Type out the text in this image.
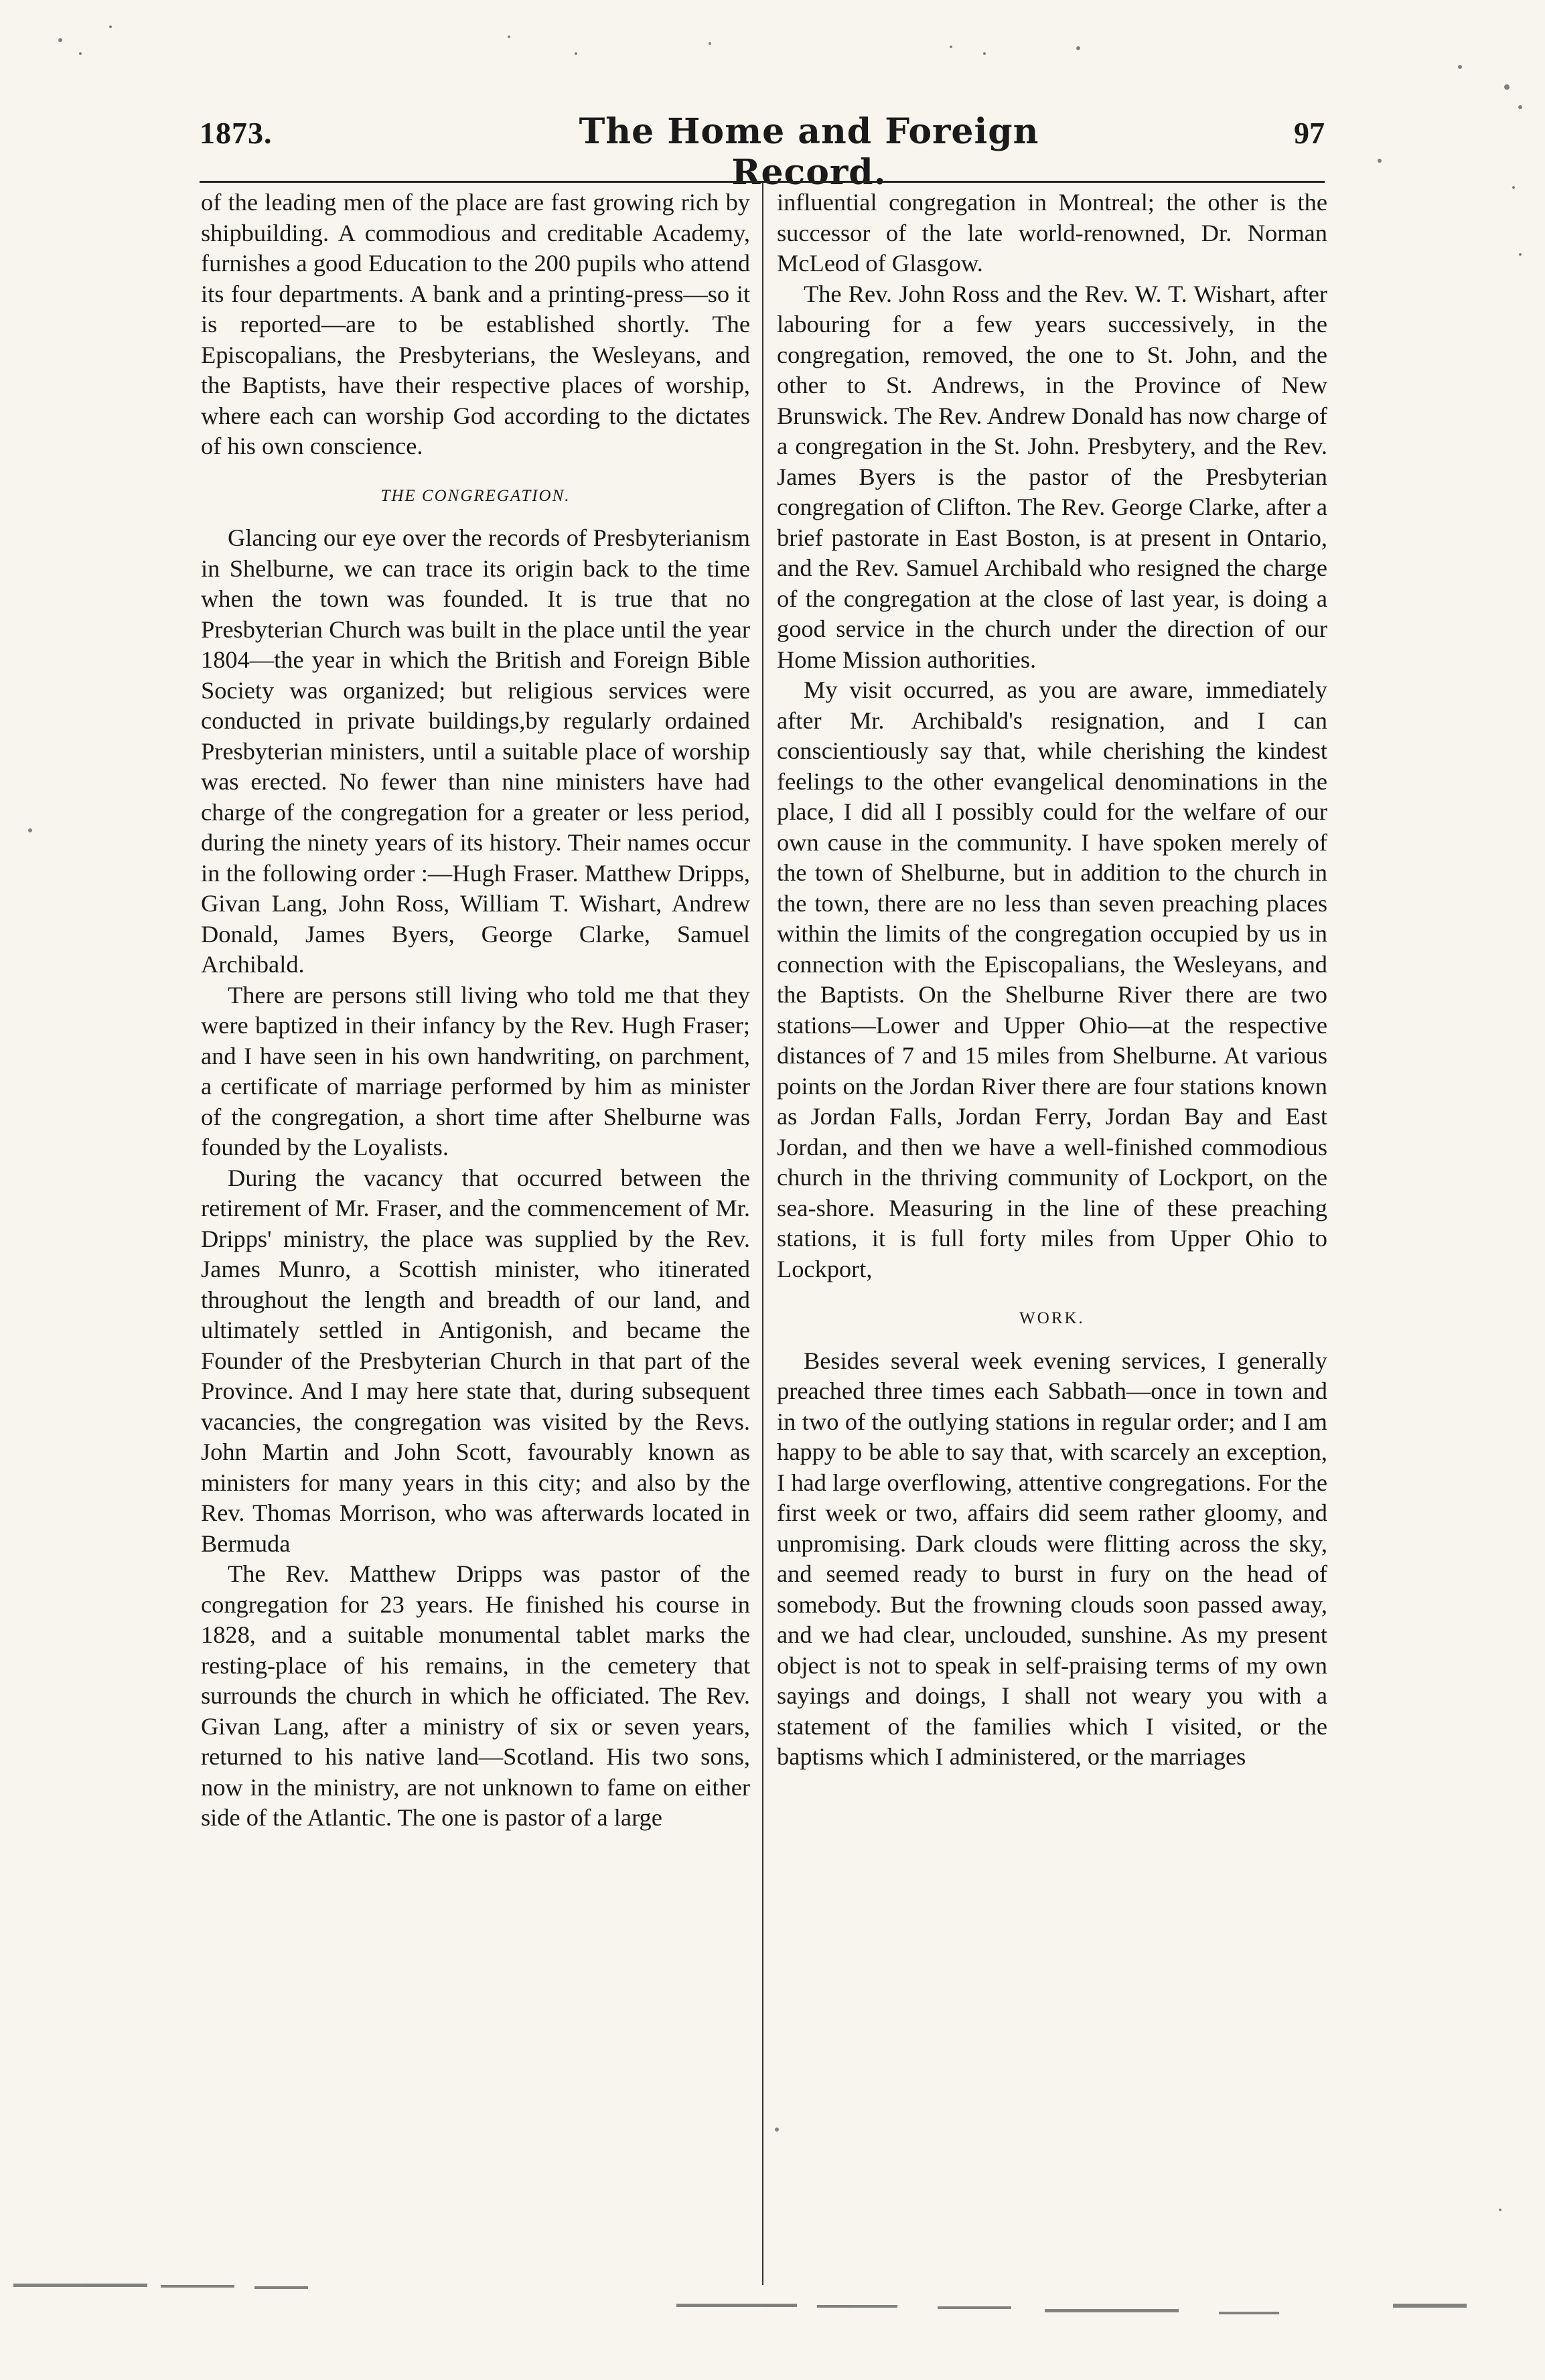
1873.	The Home and Foreign Record.
97

of the leading men of the place are fast growing rich by shipbuilding. A commodious and creditable Academy, furnishes a good Education to the 200 pupils who attend its four departments. A bank and a printing-press—so it is reported—are to be established shortly. The Episcopalians, the Presbyterians, the Wesleyans, and the Baptists, have their respective places of worship, where each can worship God according to the dictates of his own conscience.

THE CONGREGATION.

Glancing our eye over the records of Presbyterianism in Shelburne, we can trace its origin back to the time when the town was founded. It is true that no Presbyterian Church was built in the place until the year 1804—the year in which the British and Foreign Bible Society was organized; but religious services were conducted in private buildings,by regularly ordained Presbyterian ministers, until a suitable place of worship was erected. No fewer than nine ministers have had charge of the congregation for a greater or less period, during the ninety years of its history. Their names occur in the following order :—Hugh Fraser. Matthew Dripps, Givan Lang, John Ross, William T. Wishart, Andrew Donald, James Byers, George Clarke, Samuel Archibald.

There are persons still living who told me that they were baptized in their infancy by the Rev. Hugh Fraser; and I have seen in his own handwriting, on parchment, a certificate of marriage performed by him as minister of the congregation, a short time after Shelburne was founded by the Loyalists.

During the vacancy that occurred between the retirement of Mr. Fraser, and the commencement of Mr. Dripps' ministry, the place was supplied by the Rev. James Munro, a Scottish minister, who itinerated throughout the length and breadth of our land, and ultimately settled in Antigonish, and became the Founder of the Presbyterian Church in that part of the Province. And I may here state that, during subsequent vacancies, the congregation was visited by the Revs. John Martin and John Scott, favourably known as ministers for many years in this city; and also by the Rev. Thomas Morrison, who was afterwards located in Bermuda

The Rev. Matthew Dripps was pastor of the congregation for 23 years. He finished his course in 1828, and a suitable monumental tablet marks the resting-place of his remains, in the cemetery that surrounds the church in which he officiated. The Rev. Givan Lang, after a ministry of six or seven years, returned to his native land—Scotland. His two sons, now in the ministry, are not unknown to fame on either side of the Atlantic. The one is pastor of a large

influential congregation in Montreal; the other is the successor of the late world-renowned, Dr. Norman McLeod of Glasgow.

The Rev. John Ross and the Rev. W. T. Wishart, after labouring for a few years successively, in the congregation, removed, the one to St. John, and the other to St. Andrews, in the Province of New Brunswick. The Rev. Andrew Donald has now charge of a congregation in the St. John. Presbytery, and the Rev. James Byers is the pastor of the Presbyterian congregation of Clifton. The Rev. George Clarke, after a brief pastorate in East Boston, is at present in Ontario, and the Rev. Samuel Archibald who resigned the charge of the congregation at the close of last year, is doing a good service in the church under the direction of our Home Mission authorities.

My visit occurred, as you are aware, immediately after Mr. Archibald's resignation, and I can conscientiously say that, while cherishing the kindest feelings to the other evangelical denominations in the place, I did all I possibly could for the welfare of our own cause in the community. I have spoken merely of the town of Shelburne, but in addition to the church in the town, there are no less than seven preaching places within the limits of the congregation occupied by us in connection with the Episcopalians, the Wesleyans, and the Baptists. On the Shelburne River there are two stations—Lower and Upper Ohio—at the respective distances of 7 and 15 miles from Shelburne. At various points on the Jordan River there are four stations known as Jordan Falls, Jordan Ferry, Jordan Bay and East Jordan, and then we have a well-finished commodious church in the thriving community of Lockport, on the sea-shore. Measuring in the line of these preaching stations, it is full forty miles from Upper Ohio to Lockport,

WORK.

Besides several week evening services, I generally preached three times each Sabbath—once in town and in two of the outlying stations in regular order; and I am happy to be able to say that, with scarcely an exception, I had large overflowing, attentive congregations. For the first week or two, affairs did seem rather gloomy, and unpromising. Dark clouds were flitting across the sky, and seemed ready to burst in fury on the head of somebody. But the frowning clouds soon passed away, and we had clear, unclouded, sunshine. As my present object is not to speak in self-praising terms of my own sayings and doings, I shall not weary you with a statement of the families which I visited, or the baptisms which I administered, or the marriages
